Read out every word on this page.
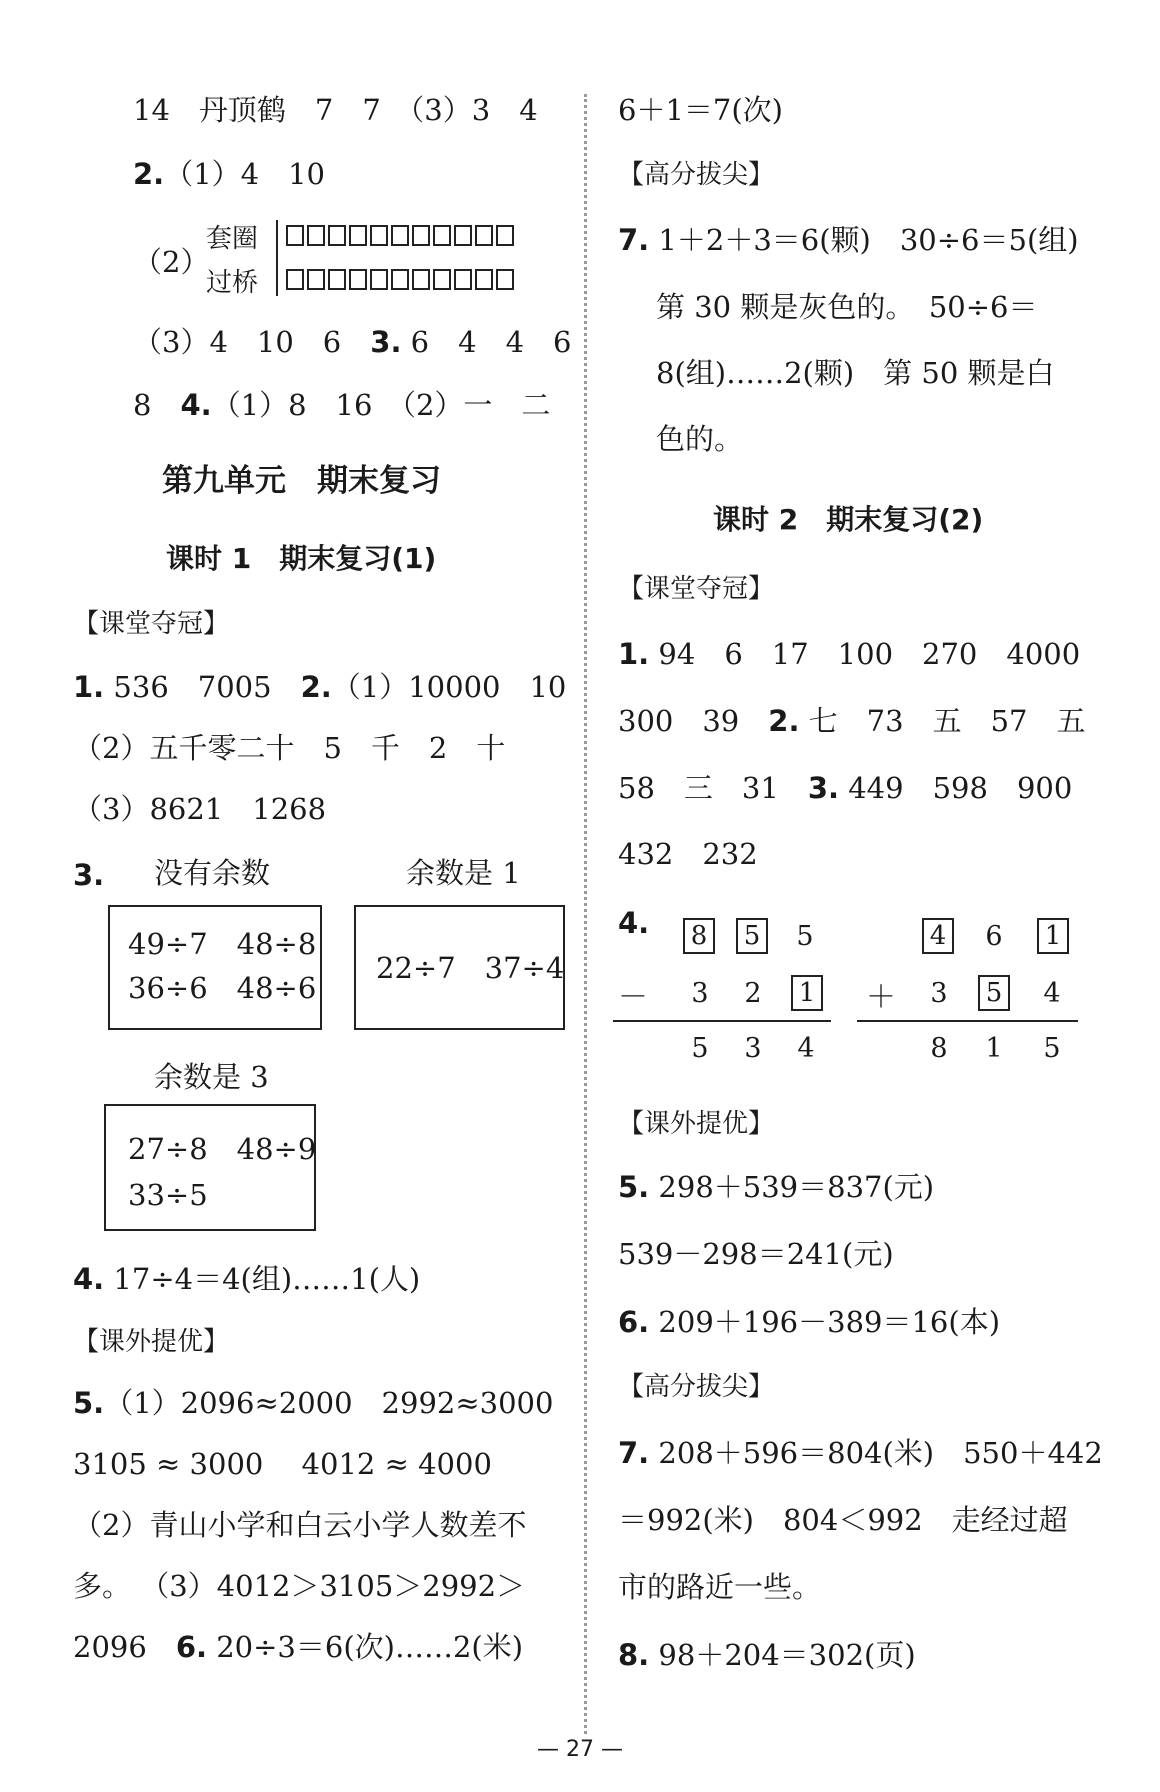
14　丹顶鹤　7　7　（3）3　4
2.（1）4　10
（2）
套圈
过桥
（3）4　10　6　3. 6　4　4　6
8　4.（1）8　16　（2）一　二
第九单元　期末复习
课时 1　期末复习(1)
【课堂夺冠】
1. 536　7005　2.（1）10000　10
（2）五千零二十　5　千　2　十
（3）8621　1268
3. 没有余数	余数是 1
49÷7　48÷8
36÷6　48÷6
22÷7　37÷4
余数是 3
27÷8　48÷9
33÷5
4. 17÷4＝4(组)……1(人)
【课外提优】
5.（1）2096≈2000　2992≈3000
3105 ≈ 3000　 4012 ≈ 4000
（2）青山小学和白云小学人数差不
多。 （3）4012＞3105＞2992＞
2096　6. 20÷3＝6(次)……2(米)
6＋1＝7(次)
【高分拔尖】
7. 1＋2＋3＝6(颗)　30÷6＝5(组)
第 30 颗是灰色的。　50÷6＝
8(组)……2(颗)　第 50 颗是白
色的。
课时 2　期末复习(2)
【课堂夺冠】
1. 94　6　17　100　270　4000
300　39　2. 七　73　五　57　五
58　三　31　3. 449　598　900
432　232
4. 8 5 5
－ 3 2 1
5 3 4
4 6 1
＋ 3 5 4
8 1 5
【课外提优】
5. 298＋539＝837(元)
539－298＝241(元)
6. 209＋196－389＝16(本)
【高分拔尖】
7. 208＋596＝804(米)　550＋442
＝992(米)　804＜992　走经过超
市的路近一些。
8. 98＋204＝302(页)
— 27 —
